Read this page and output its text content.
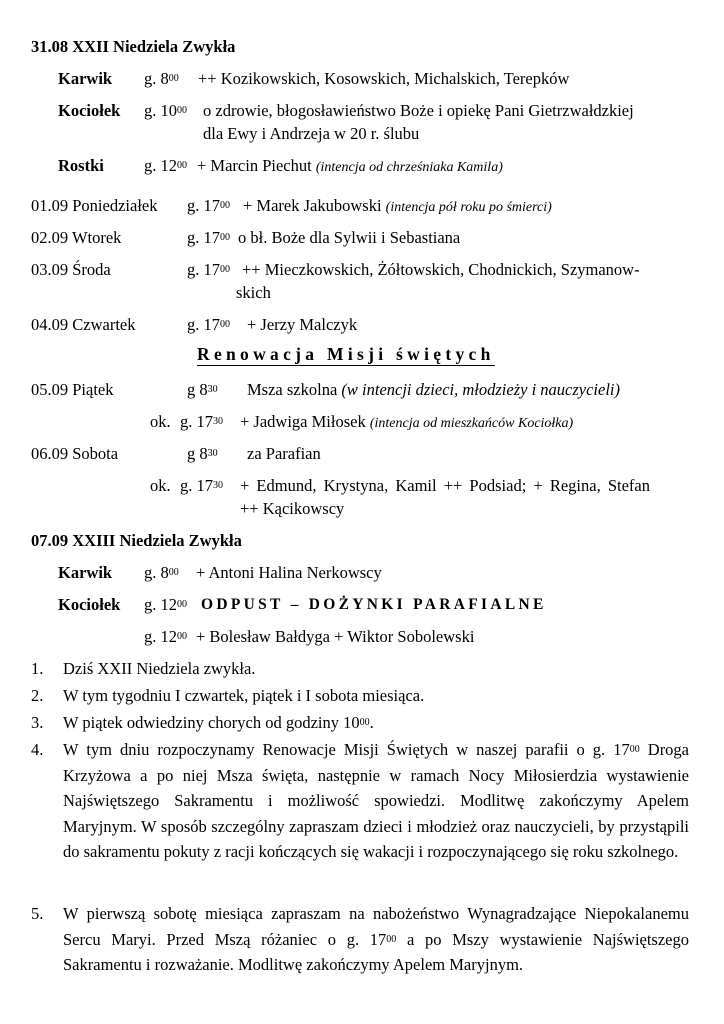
31.08 XXII Niedziela Zwykła
Karwik g. $8^{00}$ ++ Kozikowskich, Kosowskich, Michalskich, Terepków
Kociołek g. $10^{00}$ o zdrowie, błogosławieństwo Boże i opiekę Pani Gietrzwałdzkiej
dla Ewy i Andrzeja w 20 r. ślubu
Rostki g. $12^{00}$ + Marcin Piechut (intencja od chrześniaka Kamila)
01.09 Poniedziałek g. $17^{00}$ + Marek Jakubowski (intencja pół roku po śmierci)
02.09 Wtorek	g. $17^{00}$ o bł. Boże dla Sylwii i Sebastiana
03.09 Środa	g. $17^{00}$ ++ Mieczkowskich, Żółtowskich, Chodnickich, Szymanow-
skich
04.09 Czwartek	g. $17^{00}$ + Jerzy Malczyk
Renowacja Misji świętych
05.09 Piątek	g $8^{30}$ Msza szkolna (w intencji dzieci, młodzieży i nauczycieli)
ok. g. $17^{30}$ + Jadwiga Miłosek (intencja od mieszkańców Kociołka)
06.09 Sobota	g $8^{30}$ za Parafian
ok. g. $17^{30}$ + Edmund, Krystyna, Kamil ++ Podsiad; + Regina, Stefan
++ Kącikowscy
07.09 XXIII Niedziela Zwykła
Karwik g. $8^{00}$ + Antoni Halina Nerkowscy
Kociołek g. $12^{00}$ ODPUST – DOŻYNKI PARAFIALNE
g. $12^{00}$ + Bolesław Bałdyga + Wiktor Sobolewski
1. Dziś XXII Niedziela zwykła.
2. W tym tygodniu I czwartek, piątek i I sobota miesiąca.
3. W piątek odwiedziny chorych od godziny $10^{00}$.
4. W tym dniu rozpoczynamy Renowacje Misji Świętych w naszej parafii o g. $17^{00}$ Droga Krzyżowa a po niej Msza święta, następnie w ramach Nocy Miłosierdzia wystawienie Najświętszego Sakramentu i możliwość spowiedzi. Modlitwę zakończymy Apelem Maryjnym. W sposób szczególny zapraszam dzieci i młodzież oraz nauczycieli, by przystąpili do sakramentu pokuty z racji kończących się wakacji i rozpoczynającego się roku szkolnego.
5. W pierwszą sobotę miesiąca zapraszam na nabożeństwo Wynagradzające Niepokalanemu Sercu Maryi. Przed Mszą różaniec o g. $17^{00}$ a po Mszy wystawienie Najświętszego Sakramentu i rozważanie. Modlitwę zakończymy Apelem Maryjnym.
